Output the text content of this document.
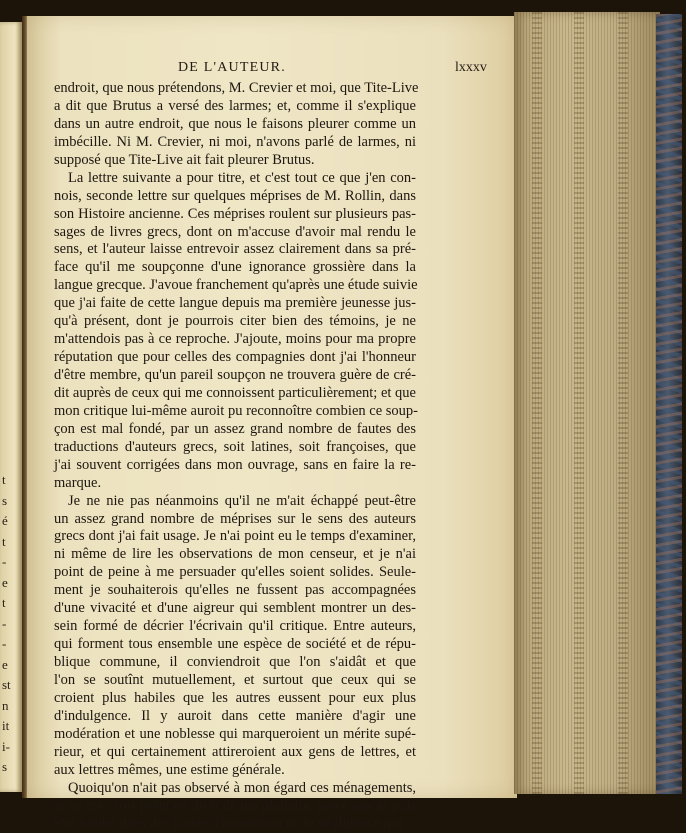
t
s
é
t
-
e
t
-
-
e
st
n
it
i-
s
DE L'AUTEUR.	lxxxv
endroit, que nous prétendons, M. Crevier et moi, que Tite-Live
a dit que Brutus a versé des larmes; et, comme il s'explique
dans un autre endroit, que nous le faisons pleurer comme un
imbécille. Ni M. Crevier, ni moi, n'avons parlé de larmes, ni
supposé que Tite-Live ait fait pleurer Brutus.
La lettre suivante a pour titre, et c'est tout ce que j'en con-
nois, seconde lettre sur quelques méprises de M. Rollin, dans
son Histoire ancienne. Ces méprises roulent sur plusieurs pas-
sages de livres grecs, dont on m'accuse d'avoir mal rendu le
sens, et l'auteur laisse entrevoir assez clairement dans sa pré-
face qu'il me soupçonne d'une ignorance grossière dans la
langue grecque. J'avoue franchement qu'après une étude suivie
que j'ai faite de cette langue depuis ma première jeunesse jus-
qu'à présent, dont je pourrois citer bien des témoins, je ne
m'attendois pas à ce reproche. J'ajoute, moins pour ma propre
réputation que pour celles des compagnies dont j'ai l'honneur
d'être membre, qu'un pareil soupçon ne trouvera guère de cré-
dit auprès de ceux qui me connoissent particulièrement; et que
mon critique lui-même auroit pu reconnoître combien ce soup-
çon est mal fondé, par un assez grand nombre de fautes des
traductions d'auteurs grecs, soit latines, soit françoises, que
j'ai souvent corrigées dans mon ouvrage, sans en faire la re-
marque.
Je ne nie pas néanmoins qu'il ne m'ait échappé peut-être
un assez grand nombre de méprises sur le sens des auteurs
grecs dont j'ai fait usage. Je n'ai point eu le temps d'examiner,
ni même de lire les observations de mon censeur, et je n'ai
point de peine à me persuader qu'elles soient solides. Seule-
ment je souhaiterois qu'elles ne fussent pas accompagnées
d'une vivacité et d'une aigreur qui semblent montrer un des-
sein formé de décrier l'écrivain qu'il critique. Entre auteurs,
qui forment tous ensemble une espèce de société et de répu-
blique commune, il conviendroit que l'on s'aidât et que
l'on se soutînt mutuellement, et surtout que ceux qui se
croient plus habiles que les autres eussent pour eux plus
d'indulgence. Il y auroit dans cette manière d'agir une
modération et une noblesse qui marqueroient un mérite supé-
rieur, et qui certainement attireroient aux gens de lettres, et
aux lettres mêmes, une estime générale.
Quoiqu'on n'ait pas observé à mon égard ces ménagements,
je ne me crois point en droit de me plaindre, parce que je puis
être tombé dans des fautes d'inattention et de négligence qui
